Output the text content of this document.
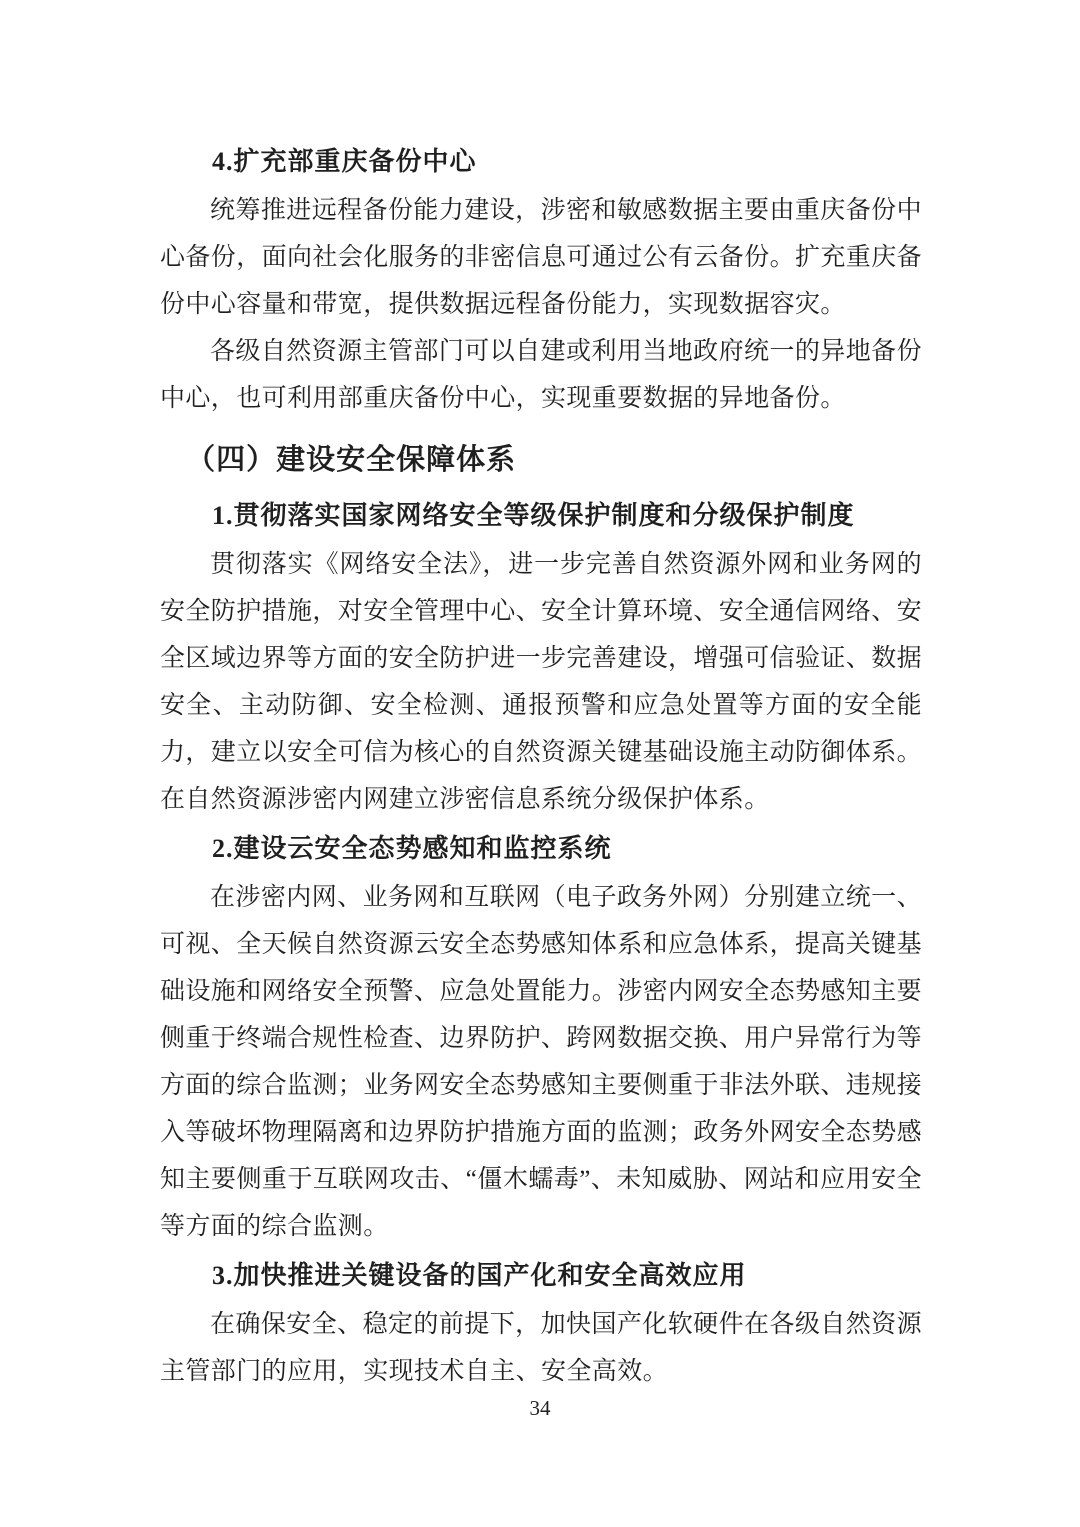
4.扩充部重庆备份中心
统筹推进远程备份能力建设，涉密和敏感数据主要由重庆备份中心备份，面向社会化服务的非密信息可通过公有云备份。扩充重庆备份中心容量和带宽，提供数据远程备份能力，实现数据容灾。
各级自然资源主管部门可以自建或利用当地政府统一的异地备份中心，也可利用部重庆备份中心，实现重要数据的异地备份。
（四）建设安全保障体系
1.贯彻落实国家网络安全等级保护制度和分级保护制度
贯彻落实《网络安全法》，进一步完善自然资源外网和业务网的安全防护措施，对安全管理中心、安全计算环境、安全通信网络、安全区域边界等方面的安全防护进一步完善建设，增强可信验证、数据安全、主动防御、安全检测、通报预警和应急处置等方面的安全能力，建立以安全可信为核心的自然资源关键基础设施主动防御体系。在自然资源涉密内网建立涉密信息系统分级保护体系。
2.建设云安全态势感知和监控系统
在涉密内网、业务网和互联网（电子政务外网）分别建立统一、可视、全天候自然资源云安全态势感知体系和应急体系，提高关键基础设施和网络安全预警、应急处置能力。涉密内网安全态势感知主要侧重于终端合规性检查、边界防护、跨网数据交换、用户异常行为等方面的综合监测；业务网安全态势感知主要侧重于非法外联、违规接入等破坏物理隔离和边界防护措施方面的监测；政务外网安全态势感知主要侧重于互联网攻击、“僵木蠕毒”、未知威胁、网站和应用安全等方面的综合监测。
3.加快推进关键设备的国产化和安全高效应用
在确保安全、稳定的前提下，加快国产化软硬件在各级自然资源主管部门的应用，实现技术自主、安全高效。
34
